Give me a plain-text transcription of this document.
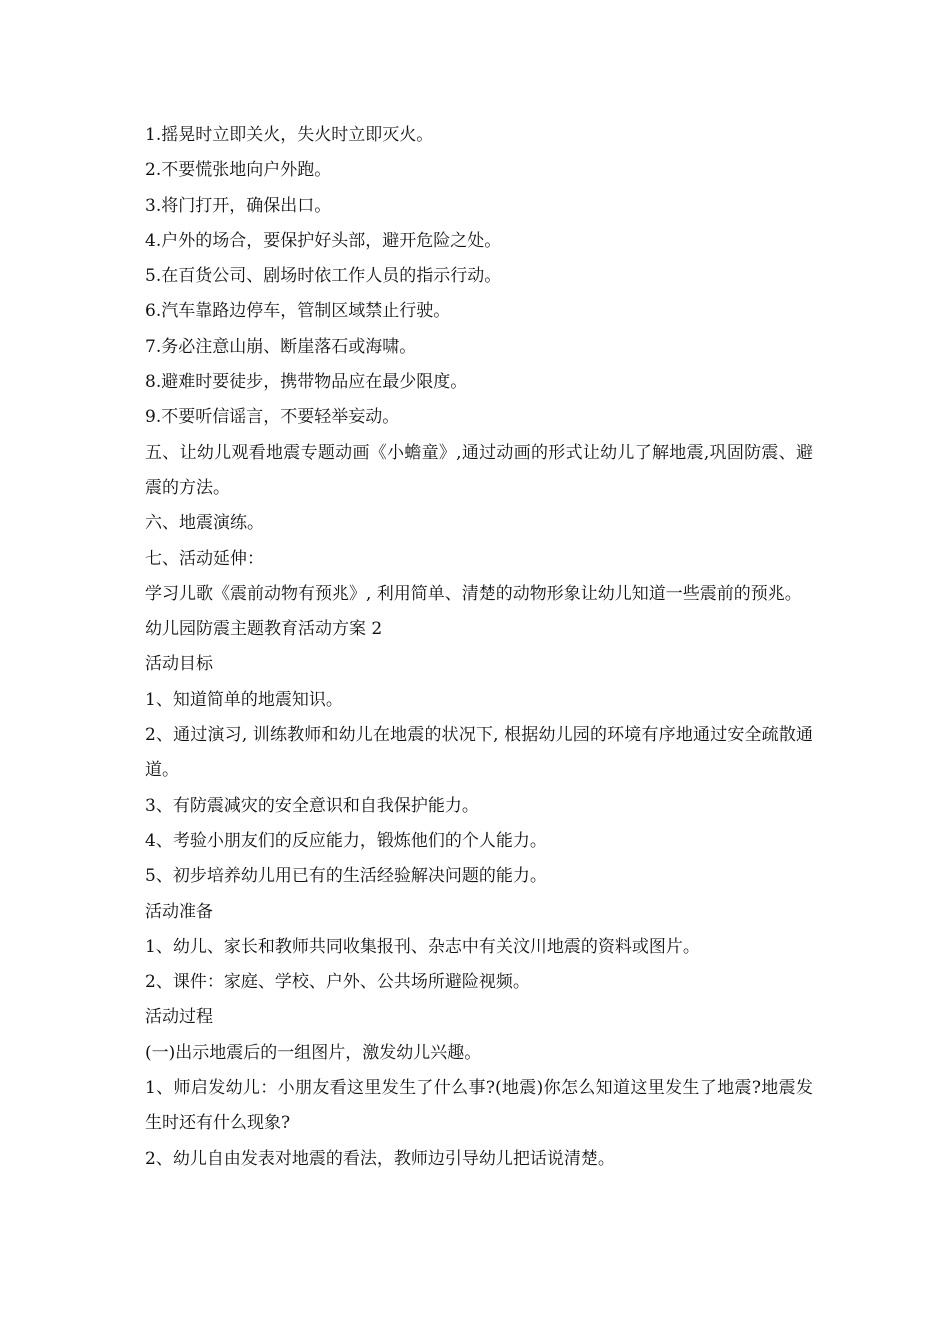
1.摇晃时立即关火，失火时立即灭火。

2.不要慌张地向户外跑。

3.将门打开，确保出口。

4.户外的场合，要保护好头部，避开危险之处。

5.在百货公司、剧场时依工作人员的指示行动。

6.汽车靠路边停车，管制区域禁止行驶。

7.务必注意山崩、断崖落石或海啸。

8.避难时要徒步，携带物品应在最少限度。

9.不要听信谣言，不要轻举妄动。

五、让幼儿观看地震专题动画《小蟾童》,通过动画的形式让幼儿了解地震,巩固防震、避震的方法。

六、地震演练。

七、活动延伸：

学习儿歌《震前动物有预兆》, 利用简单、清楚的动物形象让幼儿知道一些震前的预兆。

幼儿园防震主题教育活动方案 2

活动目标

1、知道简单的地震知识。

2、通过演习, 训练教师和幼儿在地震的状况下, 根据幼儿园的环境有序地通过安全疏散通道。

3、有防震减灾的安全意识和自我保护能力。

4、考验小朋友们的反应能力，锻炼他们的个人能力。

5、初步培养幼儿用已有的生活经验解决问题的能力。

活动准备

1、幼儿、家长和教师共同收集报刊、杂志中有关汶川地震的资料或图片。

2、课件：家庭、学校、户外、公共场所避险视频。

活动过程

(一)出示地震后的一组图片，激发幼儿兴趣。

1、师启发幼儿：小朋友看这里发生了什么事?(地震)你怎么知道这里发生了地震?地震发生时还有什么现象?

2、幼儿自由发表对地震的看法，教师边引导幼儿把话说清楚。
